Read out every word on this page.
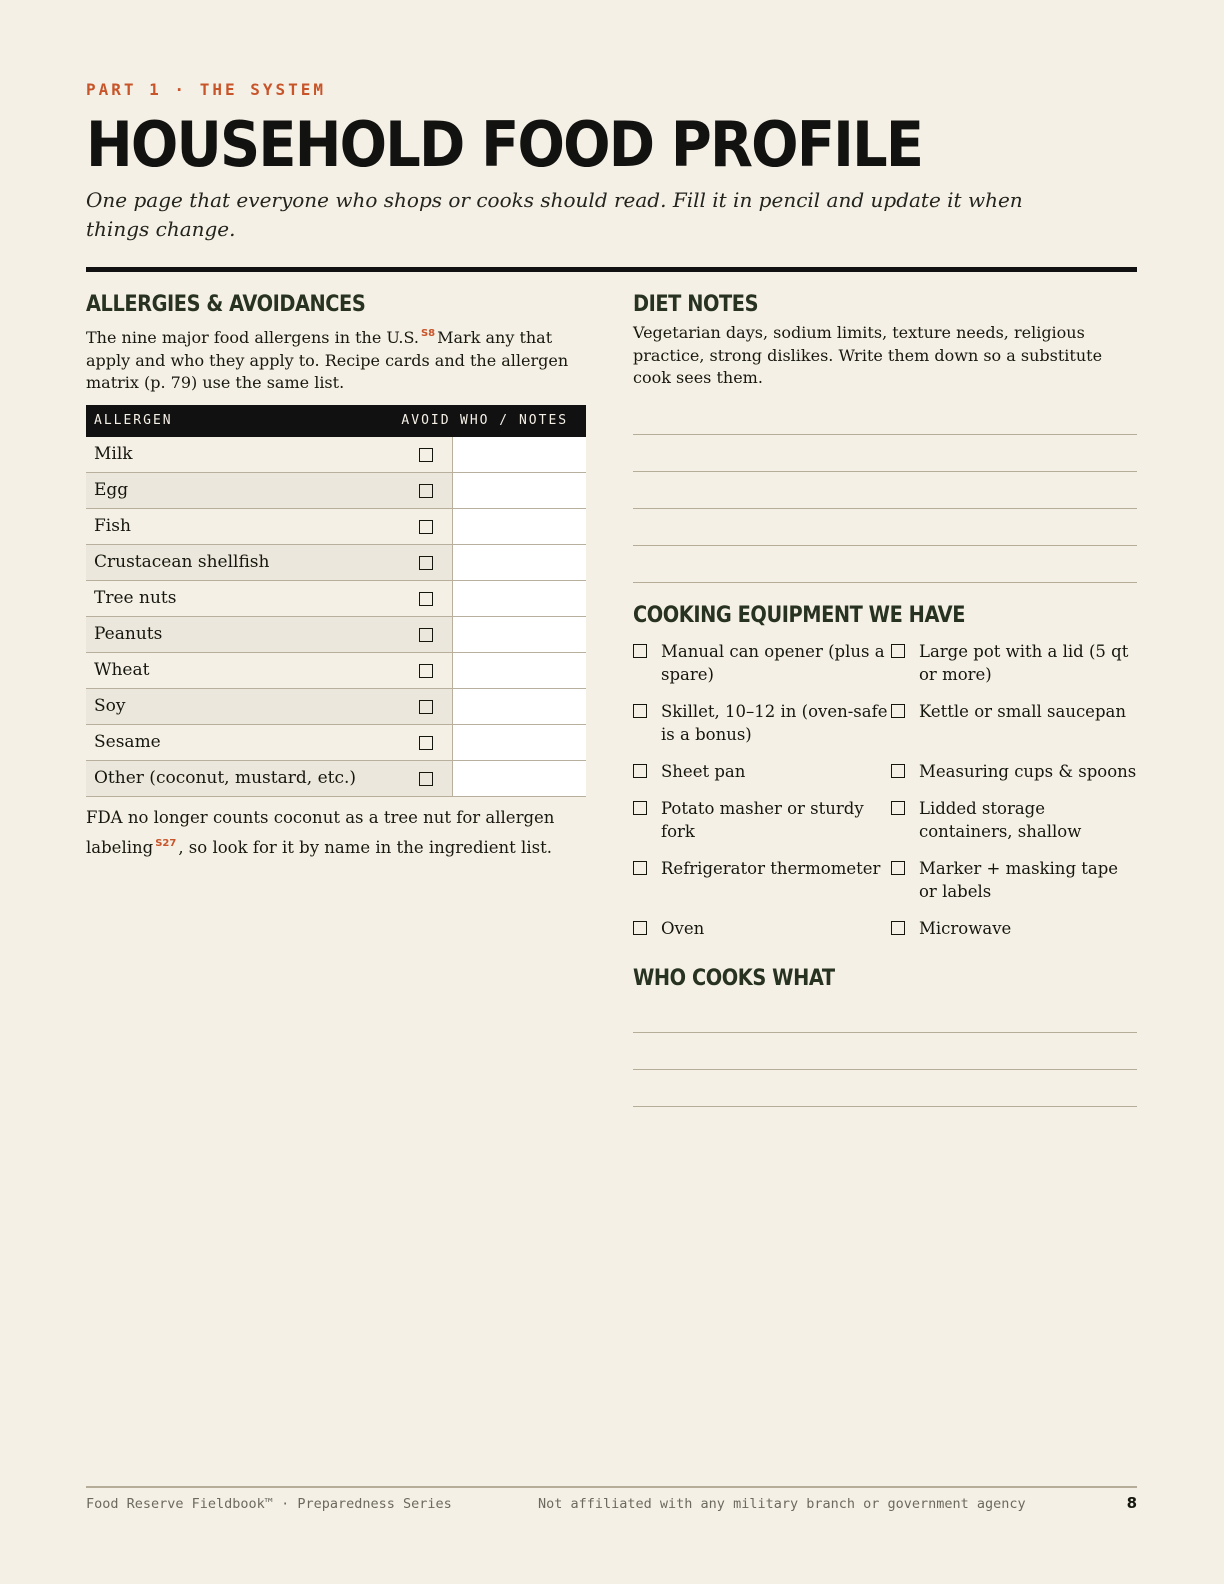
PART 1 · THE SYSTEM
HOUSEHOLD FOOD PROFILE

One page that everyone who shops or cooks should read. Fill it in pencil and update it when things change.

ALLERGIES & AVOIDANCES

The nine major food allergens in the U.S. $^{S8}$ Mark any that apply and who they apply to. Recipe cards and the allergen matrix (p. 79) use the same list.

ALLERGEN	AVOID	WHO / NOTES
Milk		
Egg		
Fish		
Crustacean shellfish		
Tree nuts		
Peanuts		
Wheat		
Soy		
Sesame		
Other (coconut, mustard, etc.)		

FDA no longer counts coconut as a tree nut for allergen labeling $^{S27}$ , so look for it by name in the ingredient list.

DIET NOTES

Vegetarian days, sodium limits, texture needs, religious practice, strong dislikes. Write them down so a substitute cook sees them.

COOKING EQUIPMENT WE HAVE
Manual can opener (plus a spare)
Large pot with a lid (5 qt or more)
Skillet, 10–12 in (oven-safe is a bonus)
Kettle or small saucepan
Sheet pan	Measuring cups & spoons
Potato masher or sturdy fork
Lidded storage containers, shallow
Refrigerator thermometer Marker + masking tape or labels
Oven	Microwave
WHO COOKS WHAT
Food Reserve Fieldbook™ · Preparedness Series	Not affiliated with any military branch or government agency	8
